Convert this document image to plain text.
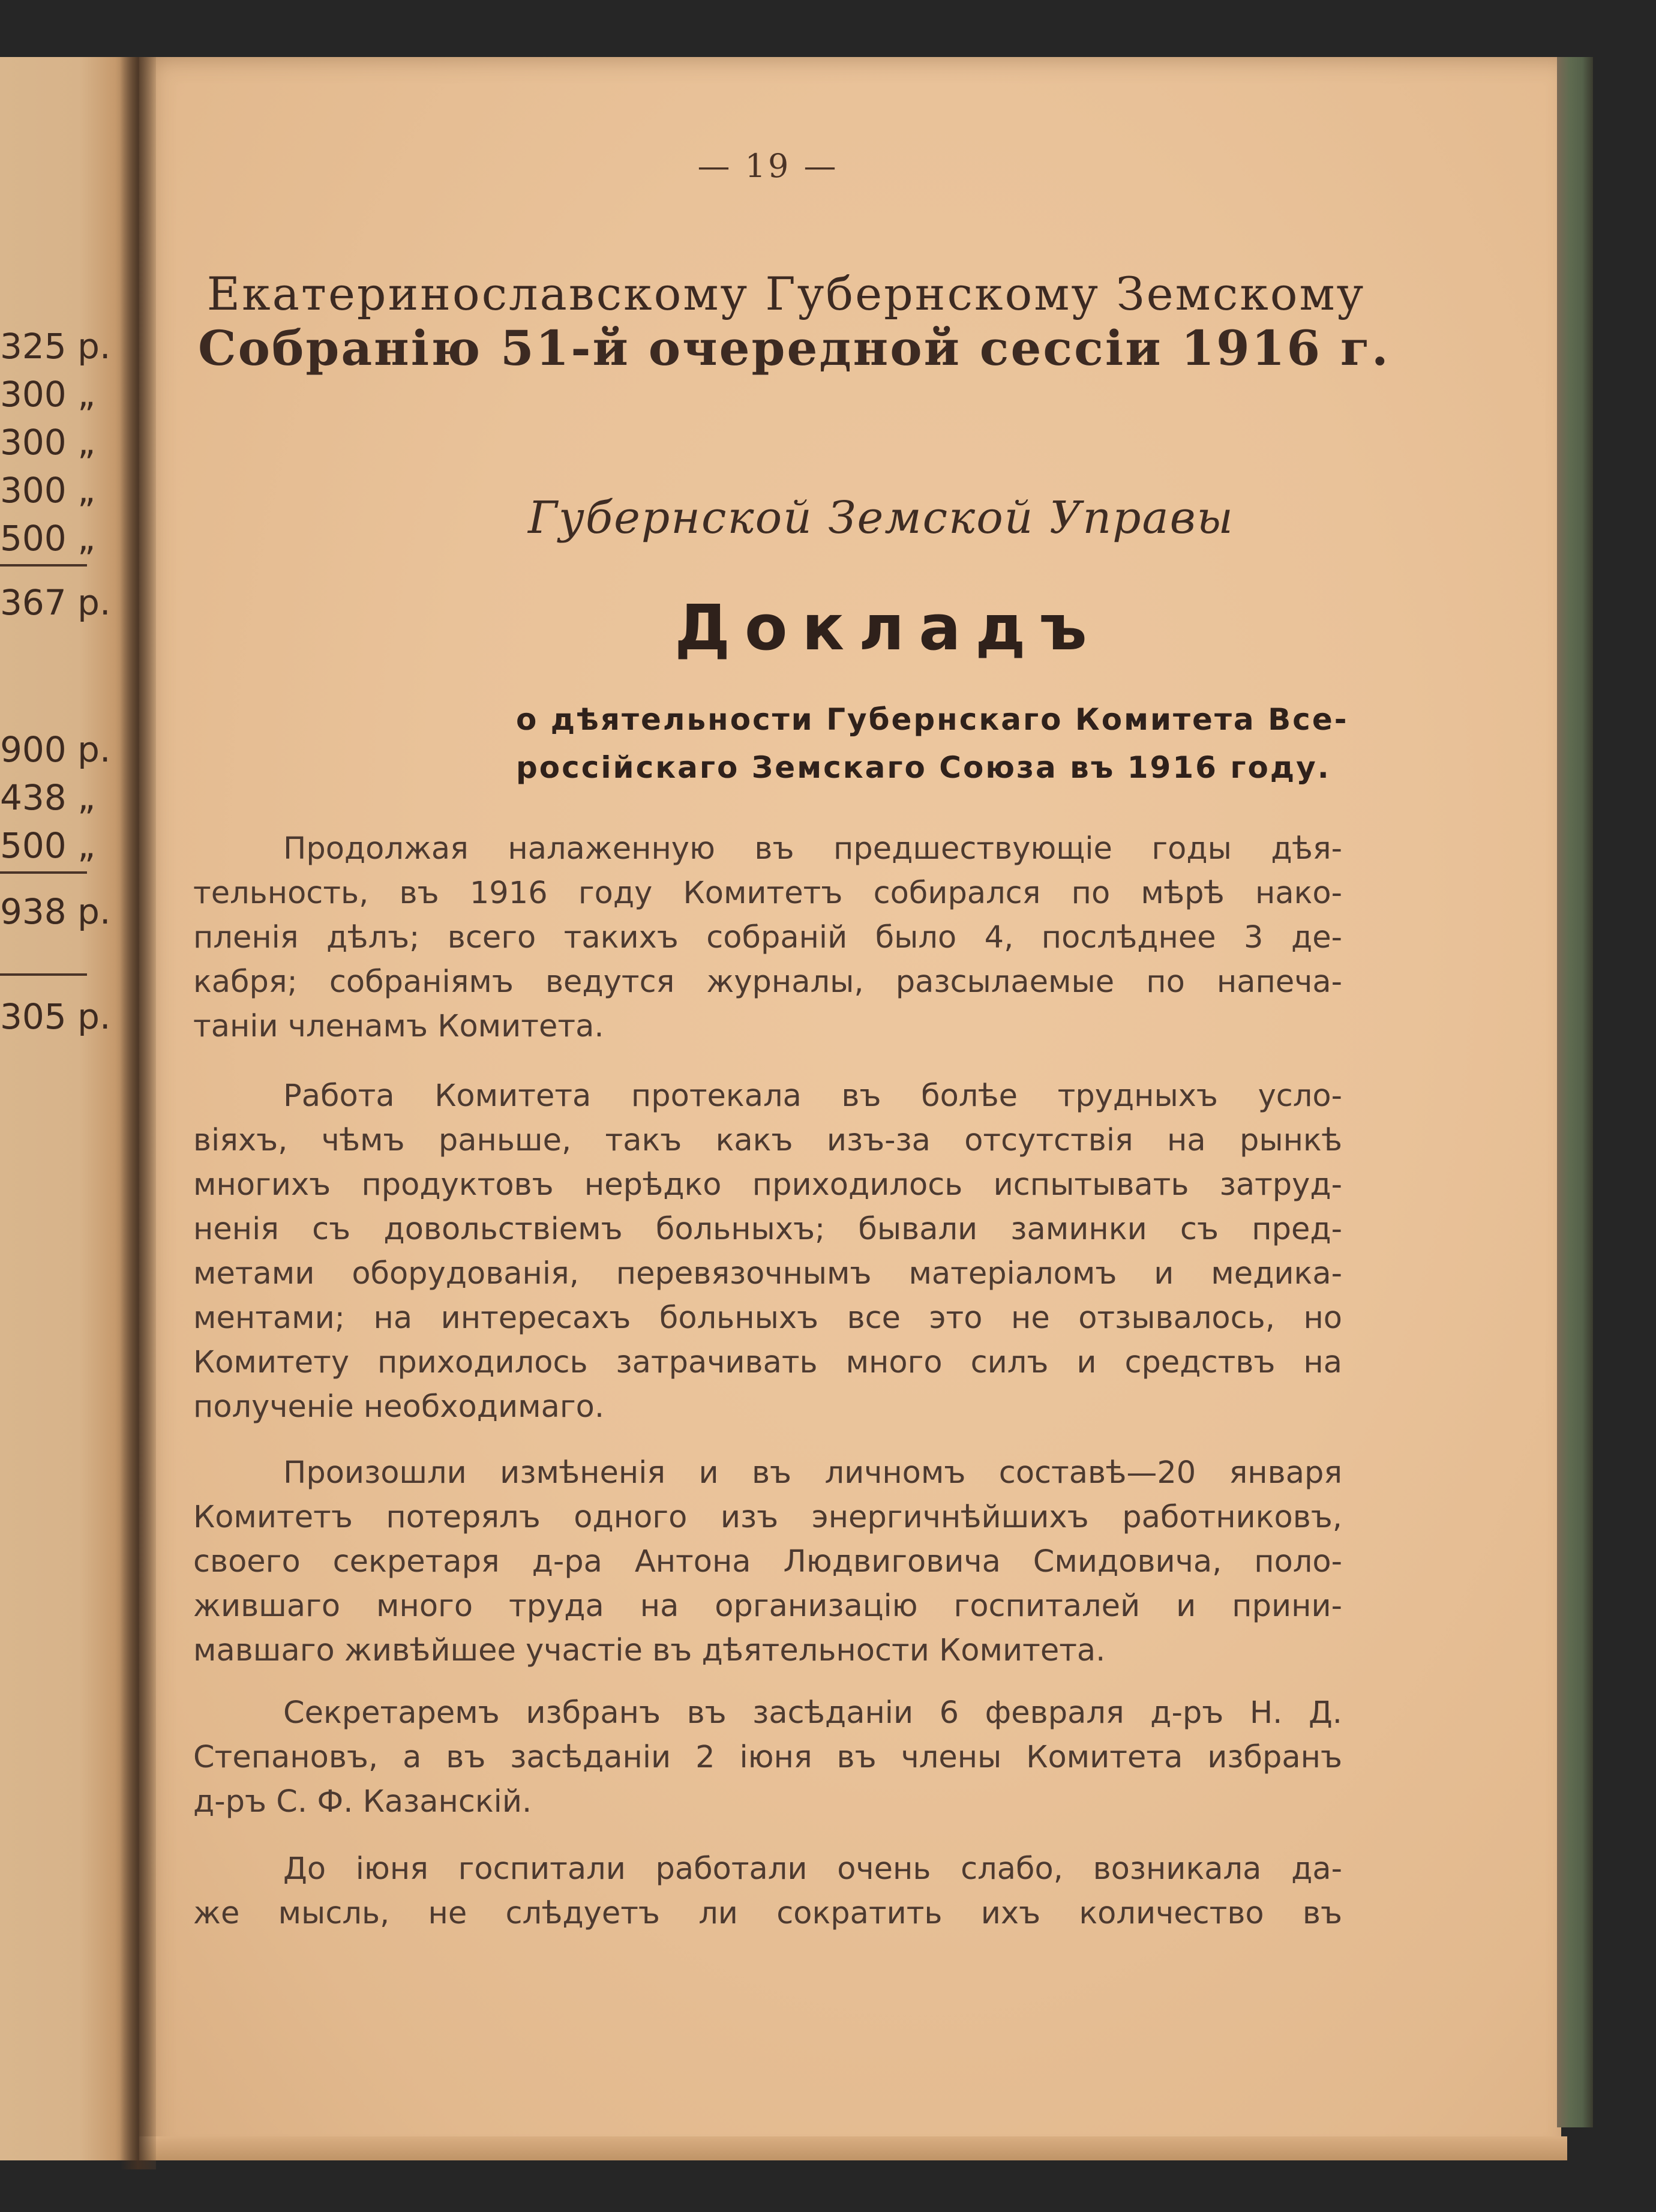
325 р.
300 „
300 „
300 „
500 „
367 р.
900 р.
438 „
500 „
938 р.
305 р.
— 19 —
Екатеринославскому Губернскому Земскому
Собранію 51-й очередной сессіи 1916 г.
Губернской Земской Управы
Докладъ
о дѣятельности Губернскаго Комитета Все-
россійскаго Земскаго Союза въ 1916 году.
Продолжая налаженную въ предшествующіе годы дѣя-
тельность, въ 1916 году Комитетъ собирался по мѣрѣ нако-
пленія дѣлъ; всего такихъ собраній было 4, послѣднее 3 де-
кабря; собраніямъ ведутся журналы, разсылаемые по напеча-
таніи членамъ Комитета.
Работа Комитета протекала въ болѣе трудныхъ усло-
віяхъ, чѣмъ раньше, такъ какъ изъ-за отсутствія на рынкѣ
многихъ продуктовъ нерѣдко приходилось испытывать затруд-
ненія съ довольствіемъ больныхъ; бывали заминки съ пред-
метами оборудованія, перевязочнымъ матеріаломъ и медика-
ментами; на интересахъ больныхъ все это не отзывалось, но
Комитету приходилось затрачивать много силъ и средствъ на
полученіе необходимаго.
Произошли измѣненія и въ личномъ составѣ—20 января
Комитетъ потерялъ одного изъ энергичнѣйшихъ работниковъ,
своего секретаря д-ра Антона Людвиговича Смидовича, поло-
жившаго много труда на организацію госпиталей и прини-
мавшаго живѣйшее участіе въ дѣятельности Комитета.
Секретаремъ избранъ въ засѣданіи 6 февраля д-ръ Н. Д.
Степановъ, а въ засѣданіи 2 іюня въ члены Комитета избранъ
д-ръ С. Ф. Казанскій.
До іюня госпитали работали очень слабо, возникала да-
же мысль, не слѣдуетъ ли сократить ихъ количество въ
